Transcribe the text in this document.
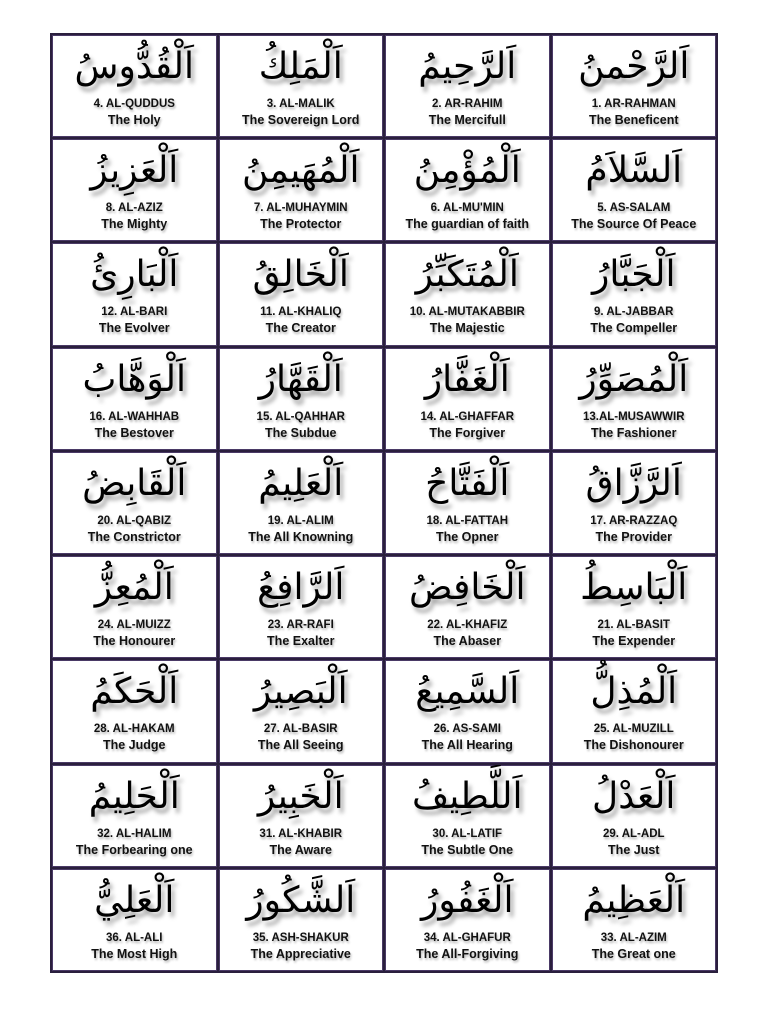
اَلْقُدُّوسُ
4. AL-QUDDUS
The Holy
اَلْمَلِكُ
3. AL-MALIK
The Sovereign Lord
اَلرَّحِيمُ
2. AR-RAHIM
The Mercifull
اَلرَّحْمنُ
1. AR-RAHMAN
The Beneficent
اَلْعَزِيزُ
8. AL-AZIZ
The Mighty
اَلْمُهَيمِنُ
7. AL-MUHAYMIN
The Protector
اَلْمُؤْمِنُ
6. AL-MU'MIN
The guardian of faith
اَلسَّلاَمُ
5. AS-SALAM
The Source Of Peace
اَلْبَارِئُ
12. AL-BARI
The Evolver
اَلْخَالِقُ
11. AL-KHALIQ
The Creator
اَلْمُتَكَبِّرُ
10. AL-MUTAKABBIR
The Majestic
اَلْجَبَّارُ
9. AL-JABBAR
The Compeller
اَلْوَهَّابُ
16. AL-WAHHAB
The Bestover
اَلْقَهَّارُ
15. AL-QAHHAR
The Subdue
اَلْغَفَّارُ
14. AL-GHAFFAR
The Forgiver
اَلْمُصَوِّرُ
13.AL-MUSAWWIR
The Fashioner
اَلْقَابِضُ
20. AL-QABIZ
The Constrictor
اَلْعَلِيمُ
19. AL-ALIM
The All Knowning
اَلْفَتَّاحُ
18. AL-FATTAH
The Opner
اَلرَّزَّاقُ
17. AR-RAZZAQ
The Provider
اَلْمُعِزُّ
24. AL-MUIZZ
The Honourer
اَلرَّافِعُ
23. AR-RAFI
The Exalter
اَلْخَافِضُ
22. AL-KHAFIZ
The Abaser
اَلْبَاسِطُ
21. AL-BASIT
The Expender
اَلْحَكَمُ
28. AL-HAKAM
The Judge
اَلْبَصِيرُ
27. AL-BASIR
The All Seeing
اَلسَّمِيعُ
26. AS-SAMI
The All Hearing
اَلْمُذِلُّ
25. AL-MUZILL
The Dishonourer
اَلْحَلِيمُ
32. AL-HALIM
The Forbearing one
اَلْخَبِيرُ
31. AL-KHABIR
The Aware
اَللَّطِيفُ
30. AL-LATIF
The Subtle One
اَلْعَدْلُ
29. AL-ADL
The Just
اَلْعَلِيُّ
36. AL-ALI
The Most High
اَلشَّكُورُ
35. ASH-SHAKUR
The Appreciative
اَلْغَفُورُ
34. AL-GHAFUR
The All-Forgiving
اَلْعَظِيمُ
33. AL-AZIM
The Great one
